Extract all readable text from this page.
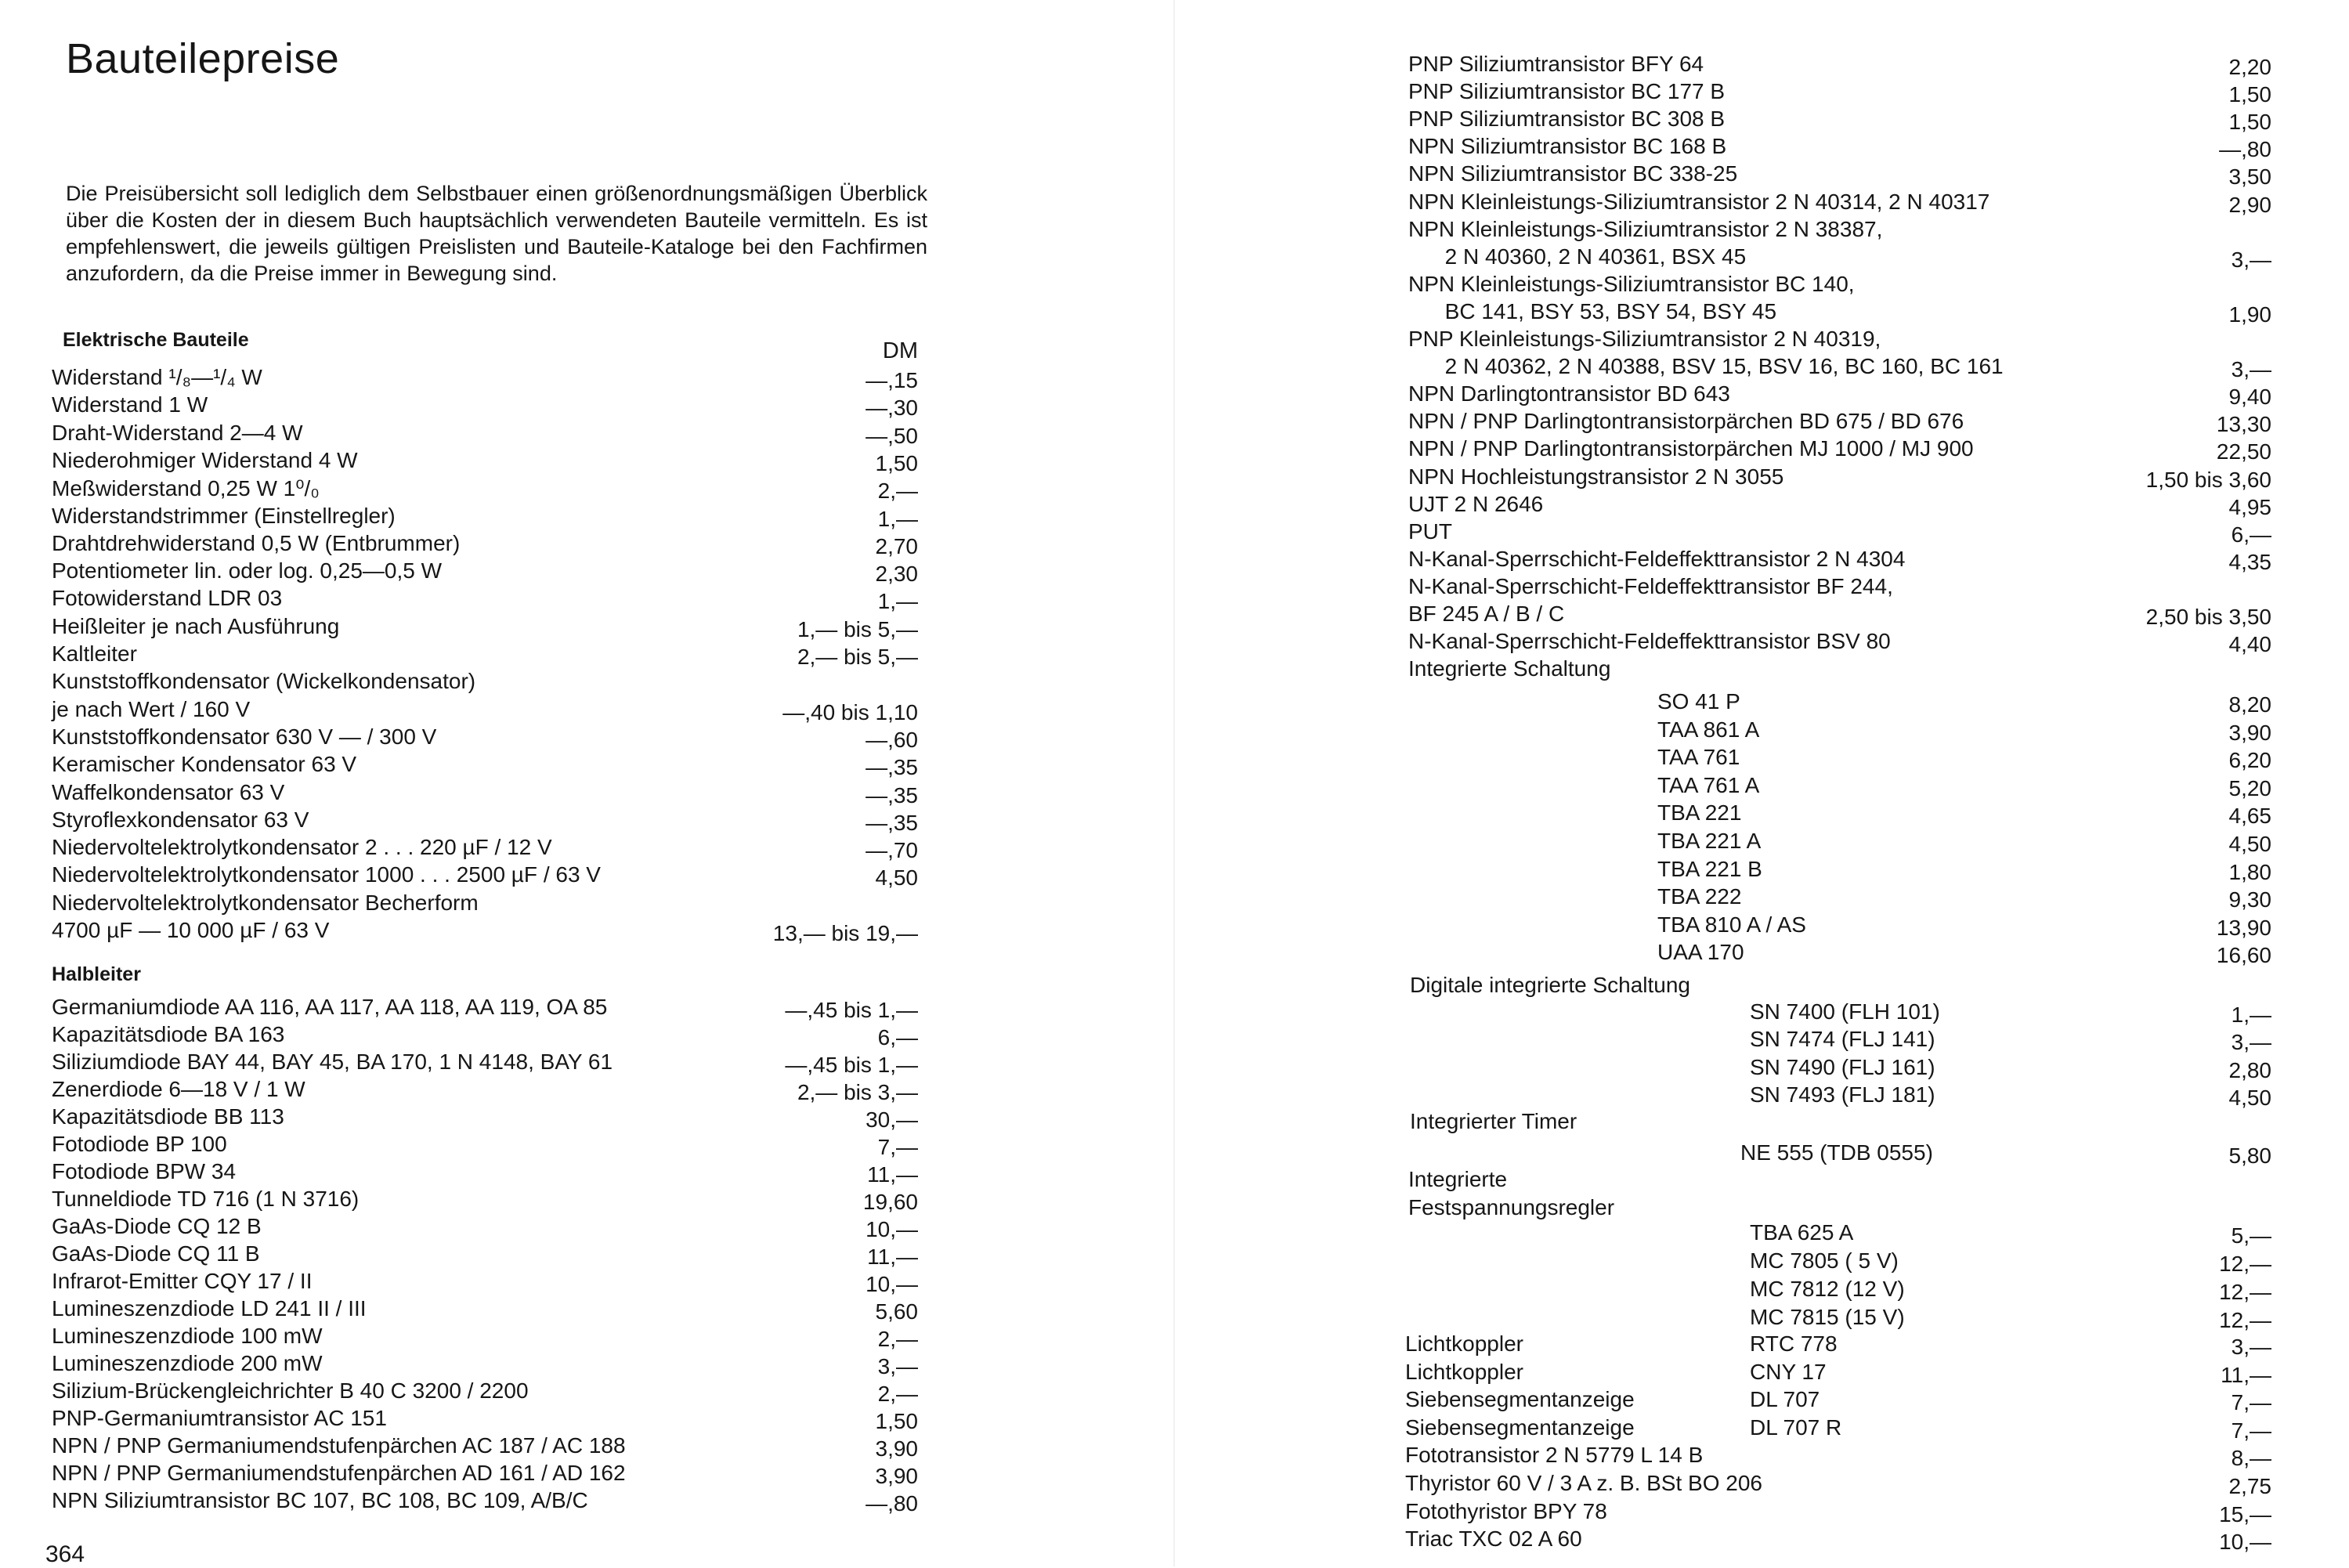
Bauteilepreise

Die Preisübersicht soll lediglich dem Selbstbauer einen größenordnungsmäßigen Überblick über die Kosten der in diesem Buch hauptsächlich verwendeten Bauteile vermitteln. Es ist empfehlenswert, die jeweils gültigen Preislisten und Bauteile-Kataloge bei den Fachfirmen anzufordern, da die Preise immer in Bewegung sind.

Elektrische Bauteile	DM
Widerstand ¹/₈—¹/₄ W	—,15
Widerstand 1 W	—,30
Draht-Widerstand 2—4 W	—,50
Niederohmiger Widerstand 4 W	1,50
Meßwiderstand 0,25 W 1⁰/₀	2,—
Widerstandstrimmer (Einstellregler)	1,—
Drahtdrehwiderstand 0,5 W (Entbrummer)	2,70
Potentiometer lin. oder log. 0,25—0,5 W	2,30
Fotowiderstand LDR 03	1,—
Heißleiter je nach Ausführung	1,— bis 5,—
Kaltleiter	2,— bis 5,—
Kunststoffkondensator (Wickelkondensator)
je nach Wert / 160 V	—,40 bis 1,10
Kunststoffkondensator 630 V — / 300 V	—,60
Keramischer Kondensator 63 V	—,35
Waffelkondensator 63 V	—,35
Styroflexkondensator 63 V	—,35
Niedervoltelektrolytkondensator 2 . . . 220 µF / 12 V	—,70
Niedervoltelektrolytkondensator 1000 . . . 2500 µF / 63 V	4,50
Niedervoltelektrolytkondensator Becherform
4700 µF — 10 000 µF / 63 V	13,— bis 19,—
Halbleiter
Germaniumdiode AA 116, AA 117, AA 118, AA 119, OA 85	—,45 bis 1,—
Kapazitätsdiode BA 163	6,—
Siliziumdiode BAY 44, BAY 45, BA 170, 1 N 4148, BAY 61	—,45 bis 1,—
Zenerdiode 6—18 V / 1 W	2,— bis 3,—
Kapazitätsdiode BB 113	30,—
Fotodiode BP 100	7,—
Fotodiode BPW 34	11,—
Tunneldiode TD 716 (1 N 3716)	19,60
GaAs-Diode CQ 12 B	10,—
GaAs-Diode CQ 11 B	11,—
Infrarot-Emitter CQY 17 / II	10,—
Lumineszenzdiode LD 241 II / III	5,60
Lumineszenzdiode 100 mW	2,—
Lumineszenzdiode 200 mW	3,—
Silizium-Brückengleichrichter B 40 C 3200 / 2200	2,—
PNP-Germaniumtransistor AC 151	1,50
NPN / PNP Germaniumendstufenpärchen AC 187 / AC 188	3,90
NPN / PNP Germaniumendstufenpärchen AD 161 / AD 162	3,90
NPN Siliziumtransistor BC 107, BC 108, BC 109, A/B/C	—,80
364
PNP Siliziumtransistor BFY 64	2,20
PNP Siliziumtransistor BC 177 B	1,50
PNP Siliziumtransistor BC 308 B	1,50
NPN Siliziumtransistor BC 168 B	—,80
NPN Siliziumtransistor BC 338-25	3,50
NPN Kleinleistungs-Siliziumtransistor 2 N 40314, 2 N 40317	2,90
NPN Kleinleistungs-Siliziumtransistor 2 N 38387,
2 N 40360, 2 N 40361, BSX 45	3,—
NPN Kleinleistungs-Siliziumtransistor BC 140,
BC 141, BSY 53, BSY 54, BSY 45	1,90
PNP Kleinleistungs-Siliziumtransistor 2 N 40319,
2 N 40362, 2 N 40388, BSV 15, BSV 16, BC 160, BC 161	3,—
NPN Darlingtontransistor BD 643	9,40
NPN / PNP Darlingtontransistorpärchen BD 675 / BD 676	13,30
NPN / PNP Darlingtontransistorpärchen MJ 1000 / MJ 900	22,50
NPN Hochleistungstransistor 2 N 3055	1,50 bis 3,60
UJT 2 N 2646	4,95
PUT	6,—
N-Kanal-Sperrschicht-Feldeffekttransistor 2 N 4304	4,35
N-Kanal-Sperrschicht-Feldeffekttransistor BF 244,
BF 245 A / B / C	2,50 bis 3,50
N-Kanal-Sperrschicht-Feldeffekttransistor BSV 80	4,40
Integrierte Schaltung
SO 41 P	8,20
TAA 861 A	3,90
TAA 761	6,20
TAA 761 A	5,20
TBA 221	4,65
TBA 221 A	4,50
TBA 221 B	1,80
TBA 222	9,30
TBA 810 A / AS	13,90
UAA 170	16,60
Digitale integrierte Schaltung
SN 7400 (FLH 101)	1,—
SN 7474 (FLJ 141)	3,—
SN 7490 (FLJ 161)	2,80
SN 7493 (FLJ 181)	4,50
Integrierter Timer
NE 555 (TDB 0555)	5,80
Integrierte
Festspannungsregler
TBA 625 A	5,—
MC 7805 ( 5 V)	12,—
MC 7812 (12 V)	12,—
MC 7815 (15 V)	12,—
Lichtkoppler	RTC 778	3,—
Lichtkoppler	CNY 17	11,—
Siebensegmentanzeige	DL 707	7,—
Siebensegmentanzeige	DL 707 R	7,—
Fototransistor 2 N 5779 L 14 B	8,—
Thyristor 60 V / 3 A z. B. BSt BO 206	2,75
Fotothyristor BPY 78	15,—
Triac TXC 02 A 60	10,—
